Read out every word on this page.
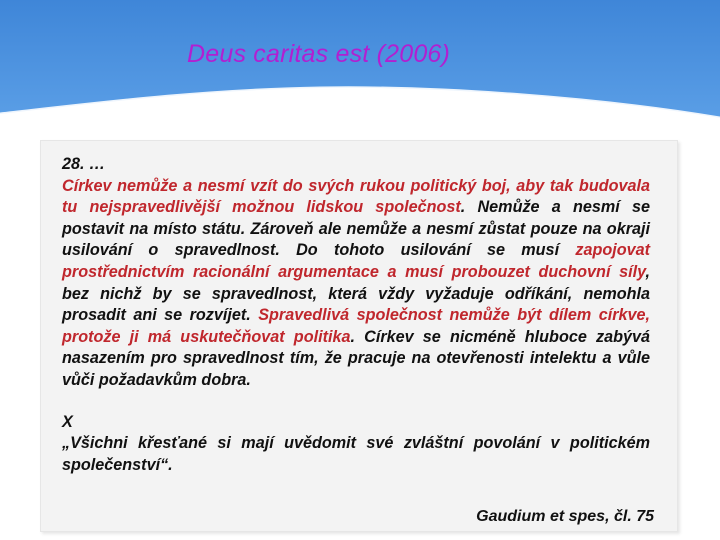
Deus caritas est (2006)
28. …
Církev nemůže a nesmí vzít do svých rukou politický boj, aby tak budovala tu nejspravedlivější možnou lidskou společnost. Nemůže a nesmí se postavit na místo státu. Zároveň ale nemůže a nesmí zůstat pouze na okraji usilování o spravedlnost. Do tohoto usilování se musí zapojovat prostřednictvím racionální argumentace a musí probouzet duchovní síly, bez nichž by se spravedlnost, která vždy vyžaduje odříkání, nemohla prosadit ani se rozvíjet. Spravedlivá společnost nemůže být dílem církve, protože ji má uskutečňovat politika. Církev se nicméně hluboce zabývá nasazením pro spravedlnost tím, že pracuje na otevřenosti intelektu a vůle vůči požadavkům dobra.
X
„Všichni křesťané si mají uvědomit své zvláštní povolání v politickém společenství“.
Gaudium et spes, čl. 75
